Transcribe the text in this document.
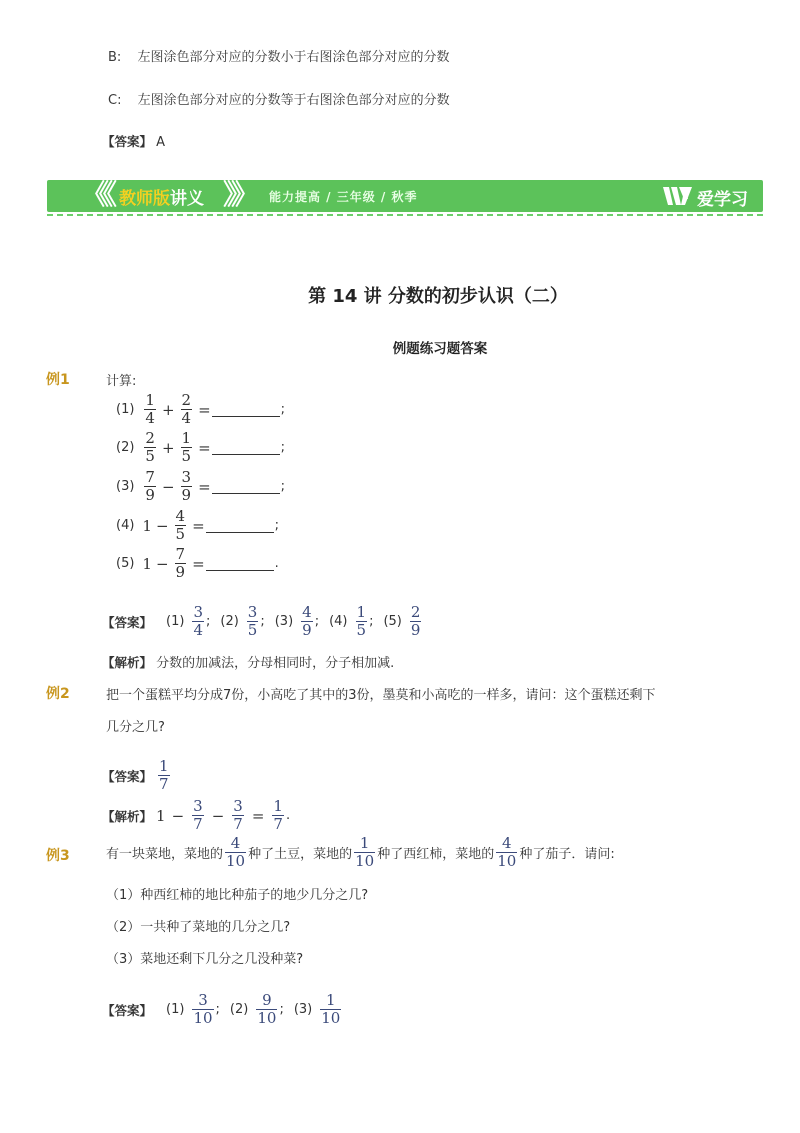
B: 左图涂色部分对应的分数小于右图涂色部分对应的分数
C: 左图涂色部分对应的分数等于右图涂色部分对应的分数
【答案】 A
《《 教师版讲义 》》 能力提高 / 三年级 / 秋季	爱学习
第 14 讲 分数的初步认识（二）
例题练习题答案
例1	计算:
$(1) \frac{1}{4} + \frac{2}{4}$ =	;
$(2) \frac{2}{5} + \frac{1}{5}$ =	;
$(3) \frac{7}{9} - \frac{3}{9}$ =	;
(4) $1 - \frac{4}{5}$ =	;
(5) $1 - \frac{7}{9}$ =	.
【答案】 $(1) \frac{3}{4}$ ; $(2) \frac{3}{5}$ ; $(3) \frac{4}{9}$ ; $(4) \frac{1}{5}$ ; $(5) \frac{2}{9}$
【解析】 分数的加减法，分母相同时，分子相加减.
例2	把一个蛋糕平均分成7份，小高吃了其中的3份，墨莫和小高吃的一样多，请问：这个蛋糕还剩下
几分之几?
【答案】 $\frac{1}{7}$
【解析】 $1 - \frac{3}{7} - \frac{3}{7} = \frac{1}{7}$ .
例3	有一块菜地，菜地的 $\frac{4}{10}$ 种了土豆，菜地的 $\frac{1}{10}$ 种了西红柿，菜地的 $\frac{4}{10}$ 种了茄子．请问:
（1）种西红柿的地比种茄子的地少几分之几?
（2）一共种了菜地的几分之几?
（3）菜地还剩下几分之几没种菜?
【答案】 $(1) \frac{3}{10}$ ; $(2) \frac{9}{10}$ ; $(3) \frac{1}{10}$
